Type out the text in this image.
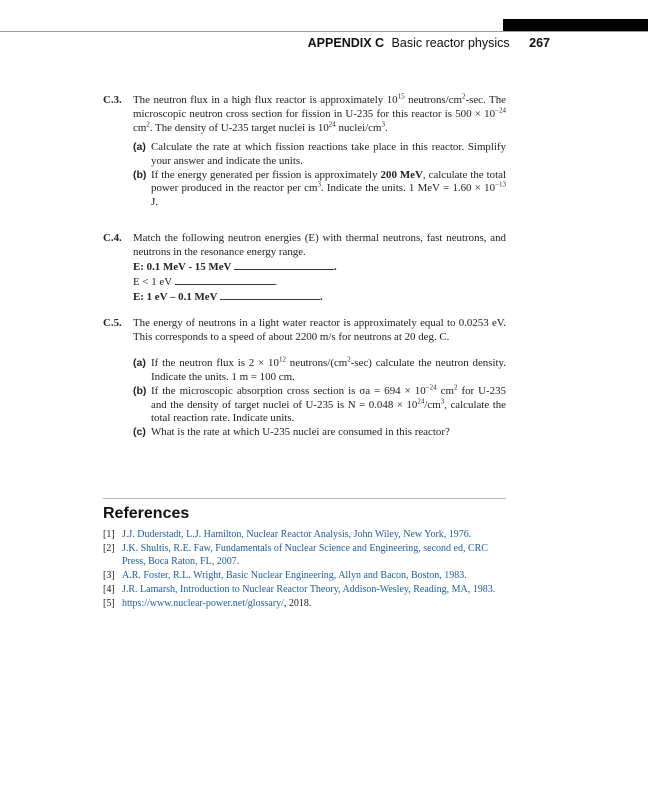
APPENDIX C Basic reactor physics 267
C.3. The neutron flux in a high flux reactor is approximately $10^{15}$ neutrons/$cm^2-\sec$. The microscopic neutron cross section for fission in U-235 for this reactor is $500 \times 10^{-24}$ $cm^2$. The density of U-235 target nuclei is $10^{24}$ nuclei/$cm^3$.

(a) Calculate the rate at which fission reactions take place in this reactor. Simplify your answer and indicate the units.
(b) If the energy generated per fission is approximately 200 MeV, calculate the total power produced in the reactor per $cm^3$. Indicate the units. 1 MeV = $1.60 \times 10^{-13}$ J.
C.4. Match the following neutron energies (E) with thermal neutrons, fast neutrons, and neutrons in the resonance energy range.

E: 0.1 MeV - 15 MeV	.
E < 1 eV	.
E: 1 eV – 0.1 MeV	.
C.5. The energy of neutrons in a light water reactor is approximately equal to 0.0253 eV. This corresponds to a speed of about 2200 m/s for neutrons at 20 deg. C.

(a) If the neutron flux is $2 \times 10^{12}$ neutrons/$(cm^2-\sec)$ calculate the neutron density. Indicate the units. 1 m = 100 cm.
(b) If the microscopic absorption cross section is $\sigma a = 694 \times 10^{-24}$ $cm^2$ for U-235 and the density of target nuclei of U-235 is $N = 0.048 \times 10^{24}/cm^3$, calculate the total reaction rate. Indicate units.
(c) What is the rate at which U-235 nuclei are consumed in this reactor?
References
[1] J.J. Duderstadt, L.J. Hamilton, Nuclear Reactor Analysis, John Wiley, New York, 1976.
[2] J.K. Shultis, R.E. Faw, Fundamentals of Nuclear Science and Engineering, second ed, CRC Press, Boca Raton, FL, 2007.
[3] A.R. Foster, R.L. Wright, Basic Nuclear Engineering, Allyn and Bacon, Boston, 1983.
[4] J.R. Lamarsh, Introduction to Nuclear Reactor Theory, Addison-Wesley, Reading, MA, 1983.
[5] https://www.nuclear-power.net/glossary/, 2018.
